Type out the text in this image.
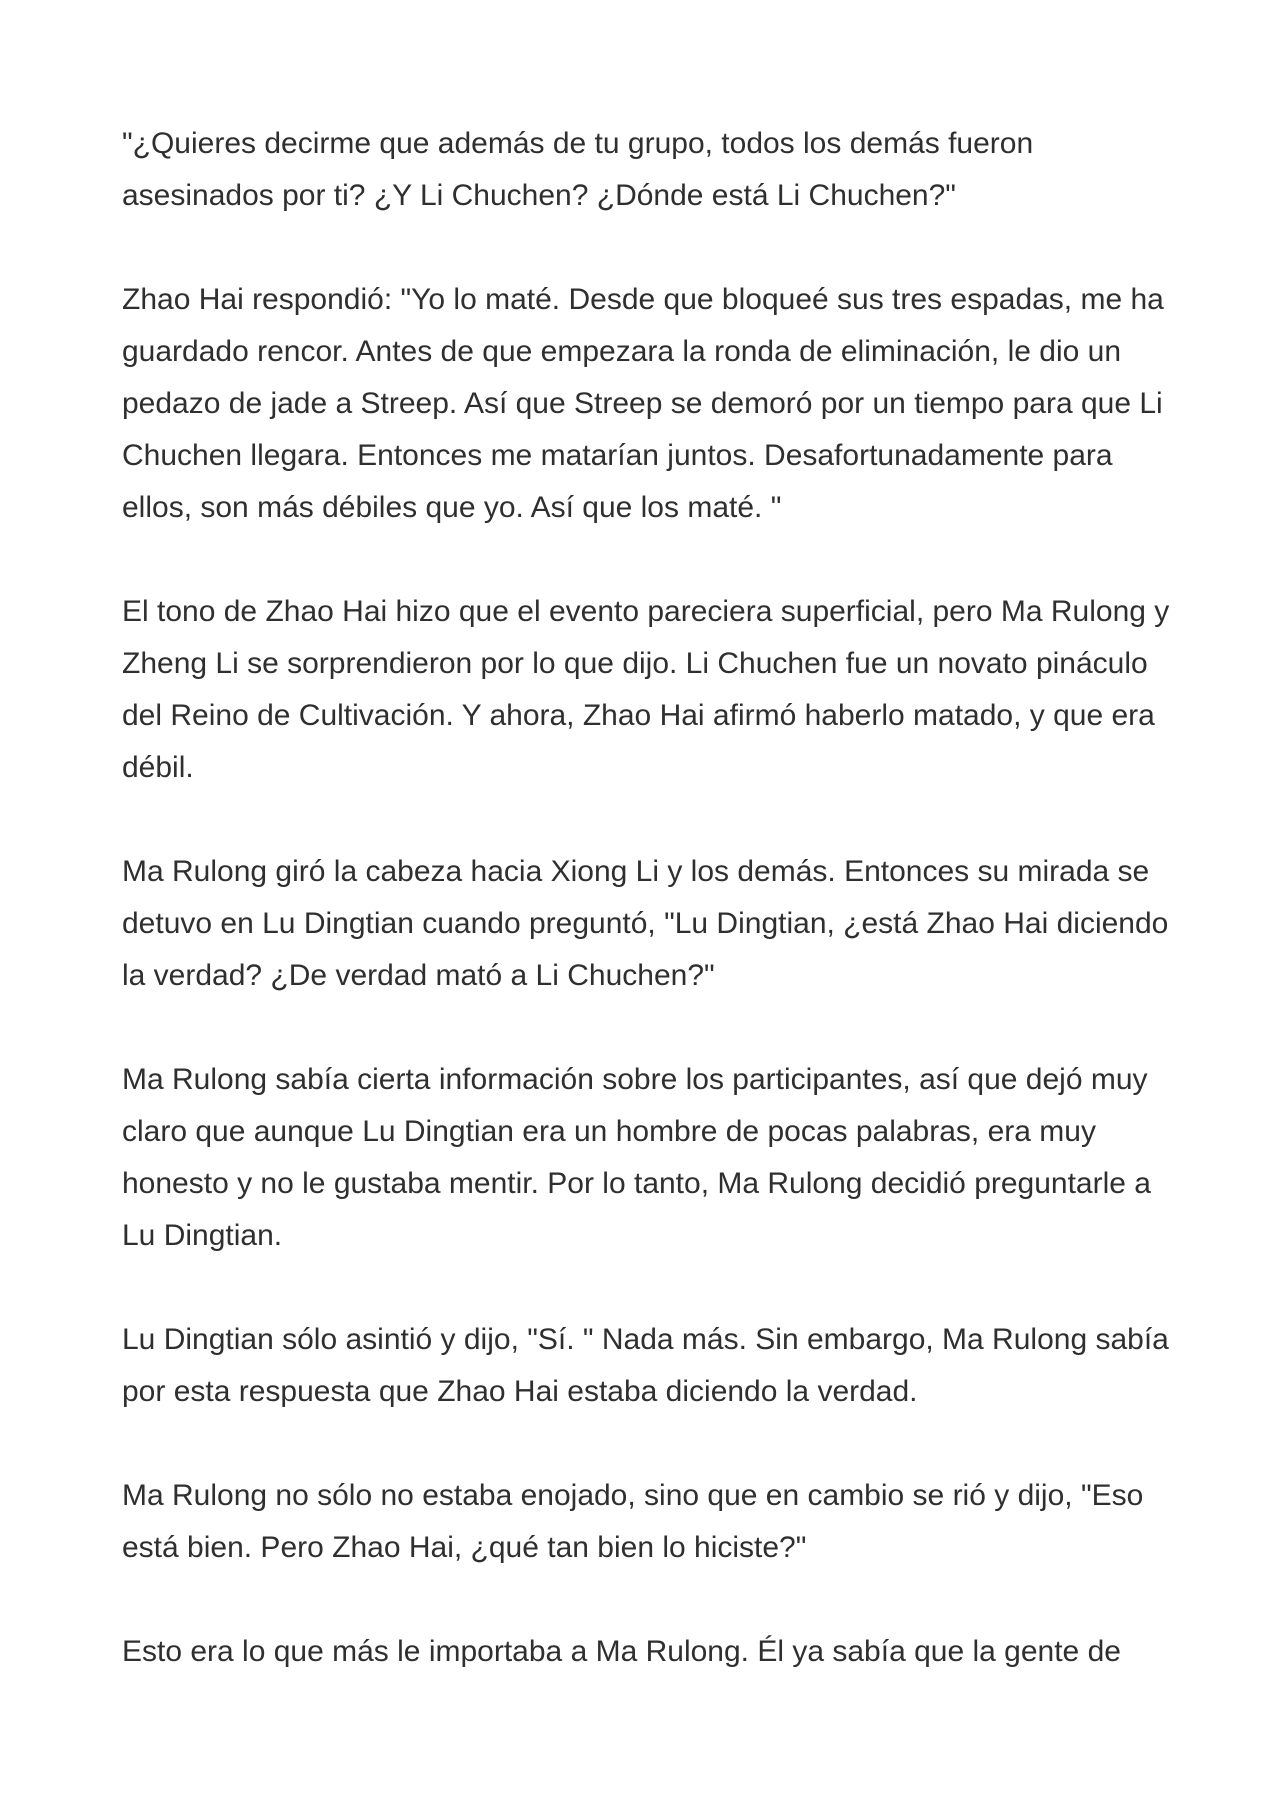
"¿Quieres decirme que además de tu grupo, todos los demás fueron asesinados por ti? ¿Y Li Chuchen? ¿Dónde está Li Chuchen?"

Zhao Hai respondió: "Yo lo maté. Desde que bloqueé sus tres espadas, me ha guardado rencor. Antes de que empezara la ronda de eliminación, le dio un pedazo de jade a Streep. Así que Streep se demoró por un tiempo para que Li Chuchen llegara. Entonces me matarían juntos. Desafortunadamente para ellos, son más débiles que yo. Así que los maté. "

El tono de Zhao Hai hizo que el evento pareciera superficial, pero Ma Rulong y Zheng Li se sorprendieron por lo que dijo. Li Chuchen fue un novato pináculo del Reino de Cultivación. Y ahora, Zhao Hai afirmó haberlo matado, y que era débil.

Ma Rulong giró la cabeza hacia Xiong Li y los demás. Entonces su mirada se detuvo en Lu Dingtian cuando preguntó, "Lu Dingtian, ¿está Zhao Hai diciendo la verdad? ¿De verdad mató a Li Chuchen?"

Ma Rulong sabía cierta información sobre los participantes, así que dejó muy claro que aunque Lu Dingtian era un hombre de pocas palabras, era muy honesto y no le gustaba mentir. Por lo tanto, Ma Rulong decidió preguntarle a Lu Dingtian.

Lu Dingtian sólo asintió y dijo, "Sí. " Nada más. Sin embargo, Ma Rulong sabía por esta respuesta que Zhao Hai estaba diciendo la verdad.

Ma Rulong no sólo no estaba enojado, sino que en cambio se rió y dijo, "Eso está bien. Pero Zhao Hai, ¿qué tan bien lo hiciste?"

Esto era lo que más le importaba a Ma Rulong. Él ya sabía que la gente de
